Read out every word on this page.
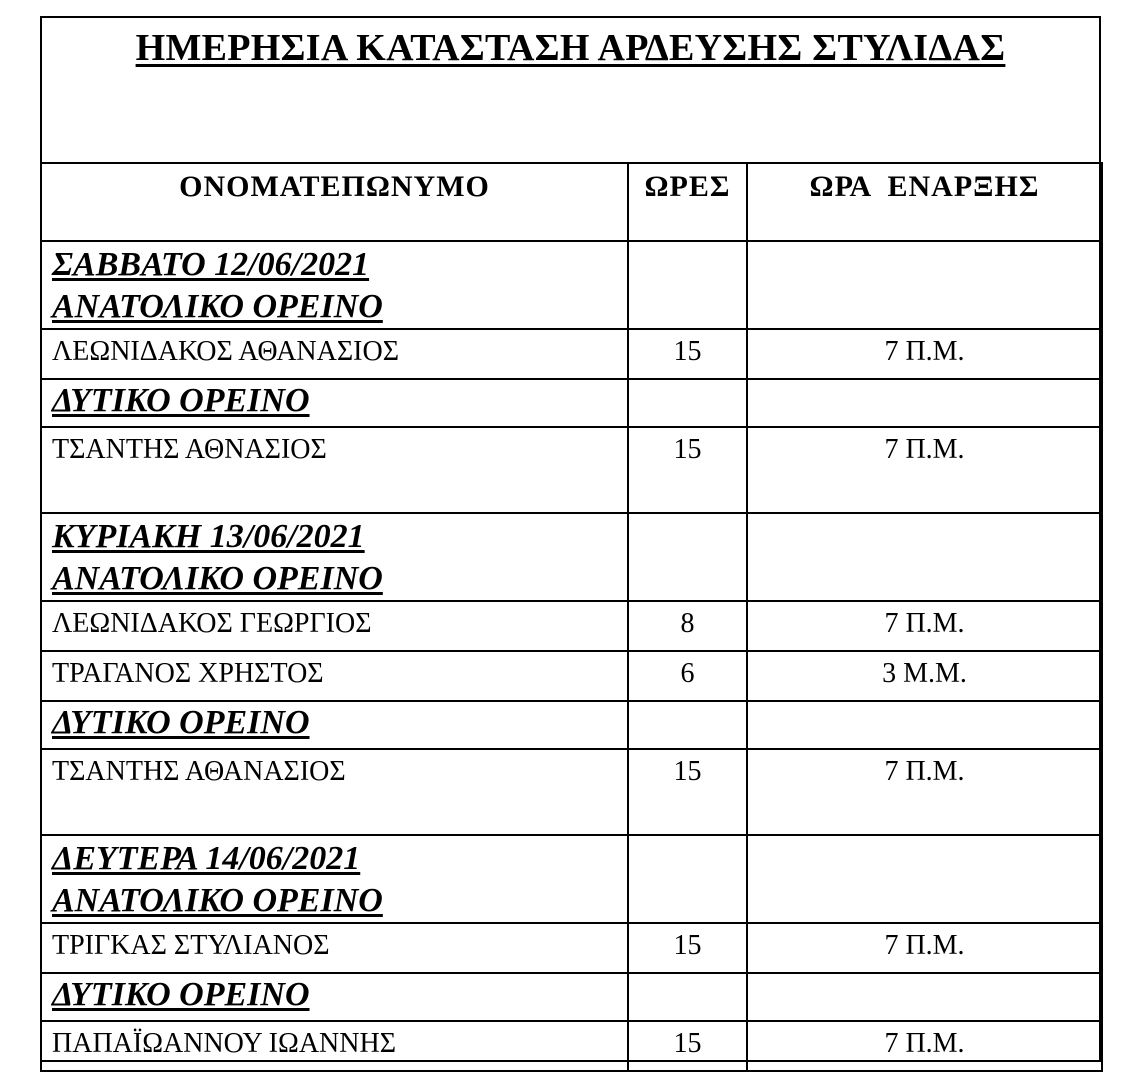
ΗΜΕΡΗΣΙΑ ΚΑΤΑΣΤΑΣΗ ΑΡΔΕΥΣΗΣ ΣΤΥΛΙΔΑΣ
ΟΝΟΜΑΤΕΠΩΝΥΜΟ	ΩΡΕΣ	ΩΡΑ  ΕΝΑΡΞΗΣ

ΣΑΒΒΑΤΟ 12/06/2021
ΑΝΑΤΟΛΙΚΟ ΟΡΕΙΝΟ		

ΛΕΩΝΙΔΑΚΟΣ ΑΘΑΝΑΣΙΟΣ	15	7 Π.Μ.

ΔΥΤΙΚΟ ΟΡΕΙΝΟ		

ΤΣΑΝΤΗΣ ΑΘΝΑΣΙΟΣ	15	7 Π.Μ.

ΚΥΡΙΑΚΗ 13/06/2021
ΑΝΑΤΟΛΙΚΟ ΟΡΕΙΝΟ		

ΛΕΩΝΙΔΑΚΟΣ ΓΕΩΡΓΙΟΣ	8	7 Π.Μ.

ΤΡΑΓΑΝΟΣ ΧΡΗΣΤΟΣ	6	3 Μ.Μ.

ΔΥΤΙΚΟ ΟΡΕΙΝΟ		

ΤΣΑΝΤΗΣ ΑΘΑΝΑΣΙΟΣ	15	7 Π.Μ.

ΔΕΥΤΕΡΑ 14/06/2021
ΑΝΑΤΟΛΙΚΟ ΟΡΕΙΝΟ		

ΤΡΙΓΚΑΣ ΣΤΥΛΙΑΝΟΣ	15	7 Π.Μ.

ΔΥΤΙΚΟ ΟΡΕΙΝΟ		

ΠΑΠΑΪΩΑΝΝΟΥ ΙΩΑΝΝΗΣ	15	7 Π.Μ.
